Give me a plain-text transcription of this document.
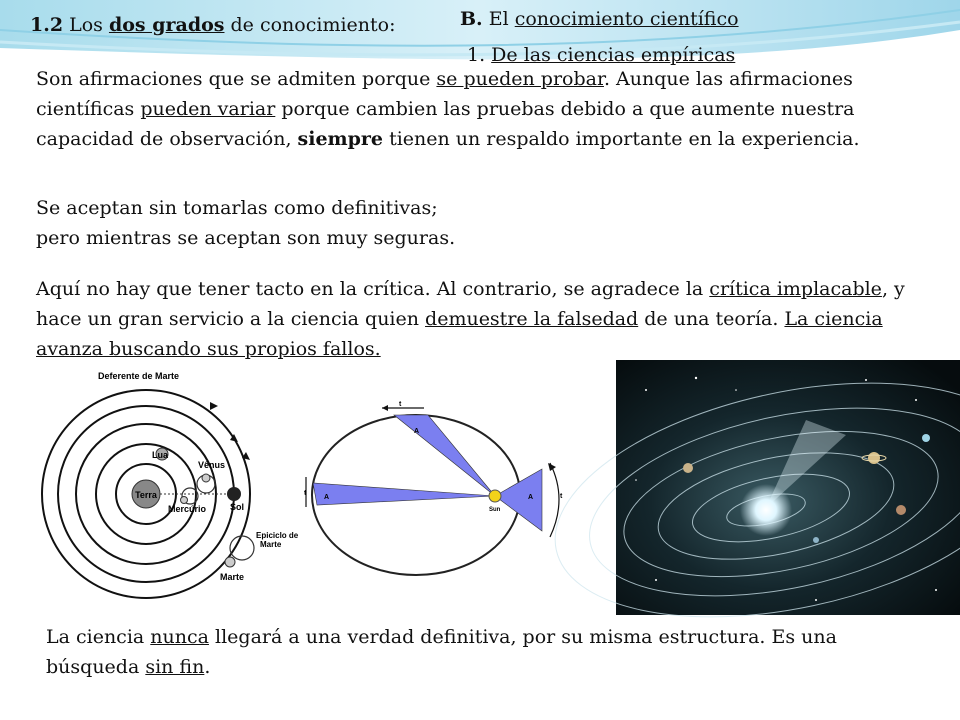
1.2 Los dos grados de conocimiento:	B. El conocimiento científico
1. De las ciencias empíricas
Son afirmaciones que se admiten porque se pueden probar. Aunque las afirmaciones científicas pueden variar porque cambien las pruebas debido a que aumente nuestra capacidad de observación, siempre tienen un respaldo importante en la experiencia.
Se aceptan sin tomarlas como definitivas;
pero mientras se aceptan son muy seguras.
Aquí no hay que tener tacto en la crítica. Al contrario, se agradece la crítica implacable, y hace un gran servicio a la ciencia quien demuestre la falsedad de una teoría. La ciencia avanza buscando sus propios fallos.
Terra
Lua
Vênus
Mercúrio	Sol
Epiciclo de
Marte
Marte
Deferente de Marte
Sun
A
A	A
t
t	t
La ciencia nunca llegará a una verdad definitiva, por su misma estructura. Es una búsqueda sin fin.
